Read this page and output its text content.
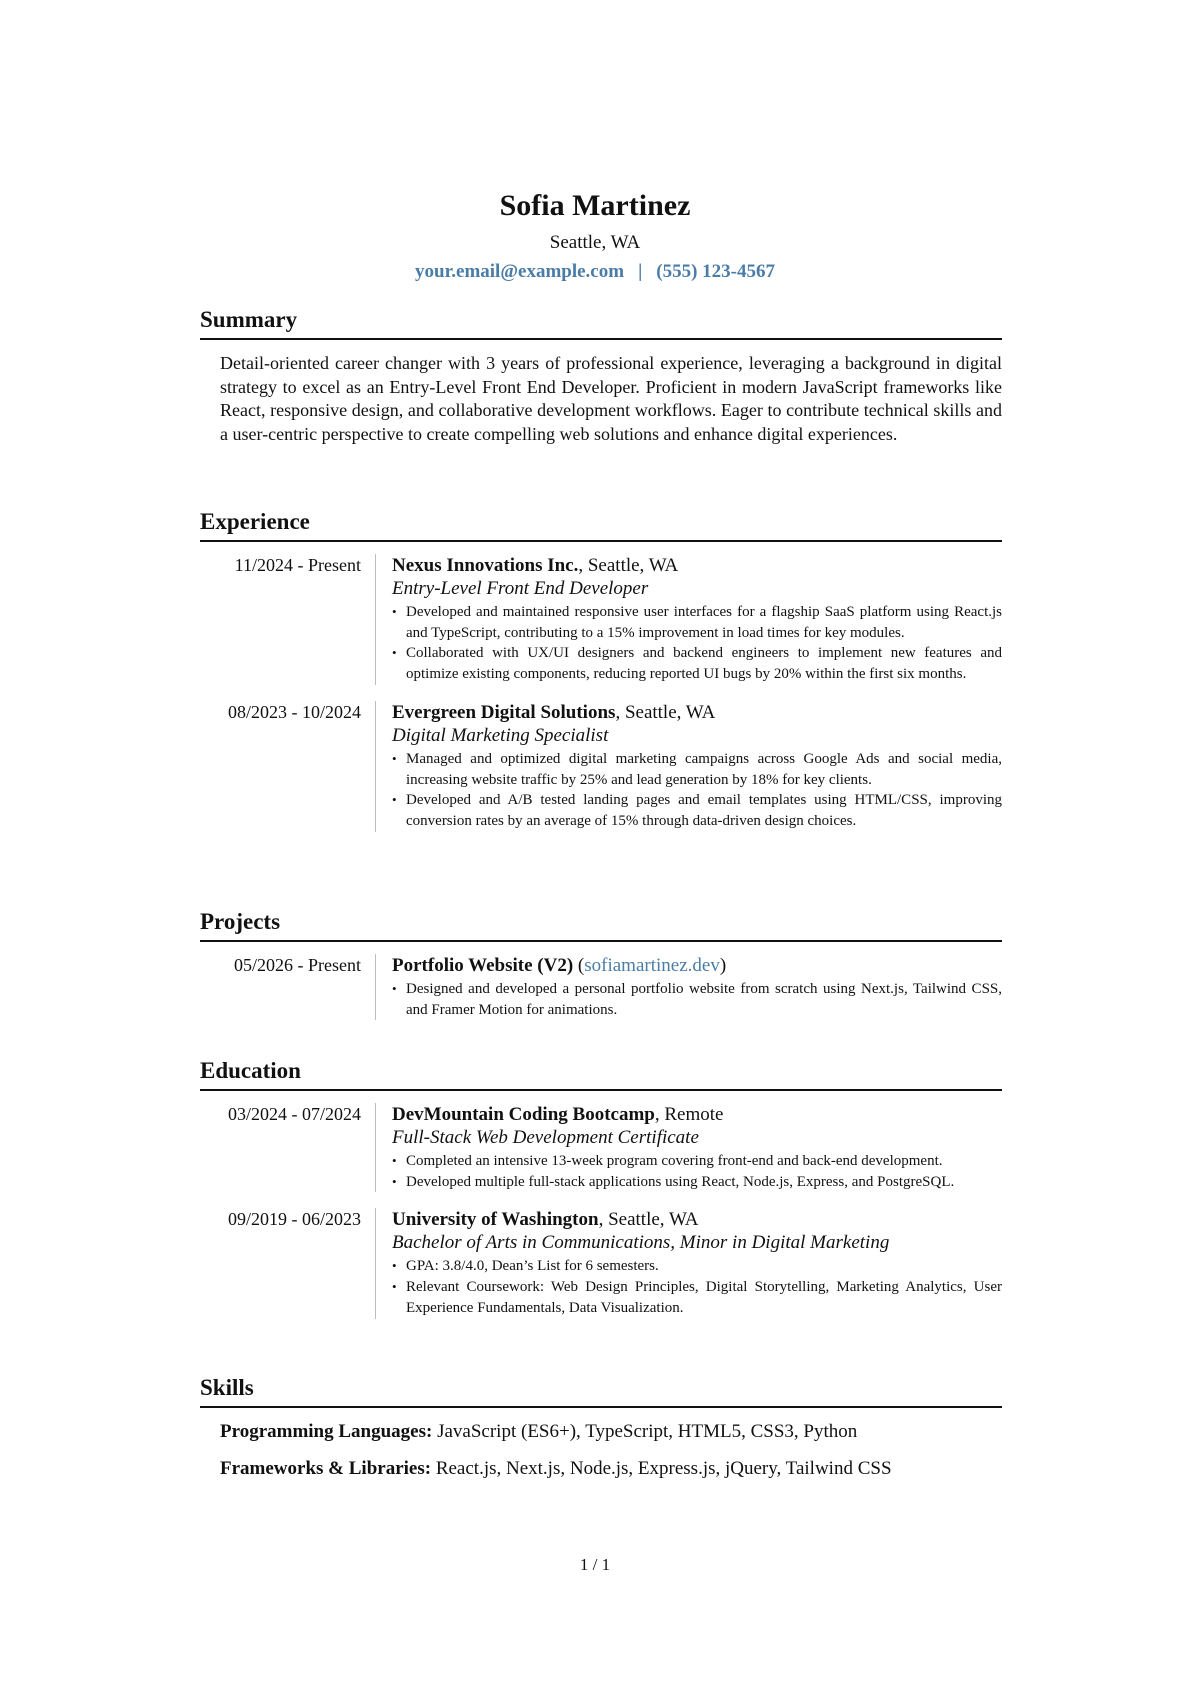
Sofia Martinez
Seattle, WA
your.email@example.com | (555) 123-4567
Summary
Detail-oriented career changer with 3 years of professional experience, leveraging a background in digital strategy to excel as an Entry-Level Front End Developer. Proficient in modern JavaScript frameworks like React, responsive design, and collaborative development workflows. Eager to contribute technical skills and a user-centric perspective to create compelling web solutions and enhance digital experiences.
Experience
11/2024 - Present	Nexus Innovations Inc., Seattle, WA
Entry-Level Front End Developer
• Developed and maintained responsive user interfaces for a flagship SaaS platform using React.js and TypeScript, contributing to a 15% improvement in load times for key modules.
• Collaborated with UX/UI designers and backend engineers to implement new features and optimize existing components, reducing reported UI bugs by 20% within the first six months.
08/2023 - 10/2024	Evergreen Digital Solutions, Seattle, WA
Digital Marketing Specialist
• Managed and optimized digital marketing campaigns across Google Ads and social media, increasing website traffic by 25% and lead generation by 18% for key clients.
• Developed and A/B tested landing pages and email templates using HTML/CSS, improving conversion rates by an average of 15% through data-driven design choices.
Projects
05/2026 - Present	Portfolio Website (V2) (sofiamartinez.dev)
• Designed and developed a personal portfolio website from scratch using Next.js, Tailwind CSS, and Framer Motion for animations.
Education
03/2024 - 07/2024	DevMountain Coding Bootcamp, Remote
Full-Stack Web Development Certificate
• Completed an intensive 13-week program covering front-end and back-end development.
• Developed multiple full-stack applications using React, Node.js, Express, and PostgreSQL.
09/2019 - 06/2023	University of Washington, Seattle, WA
Bachelor of Arts in Communications, Minor in Digital Marketing
• GPA: 3.8/4.0, Dean’s List for 6 semesters.
• Relevant Coursework: Web Design Principles, Digital Storytelling, Marketing Analytics, User Experience Fundamentals, Data Visualization.
Skills
Programming Languages: JavaScript (ES6+), TypeScript, HTML5, CSS3, Python
Frameworks & Libraries: React.js, Next.js, Node.js, Express.js, jQuery, Tailwind CSS
1 / 1
